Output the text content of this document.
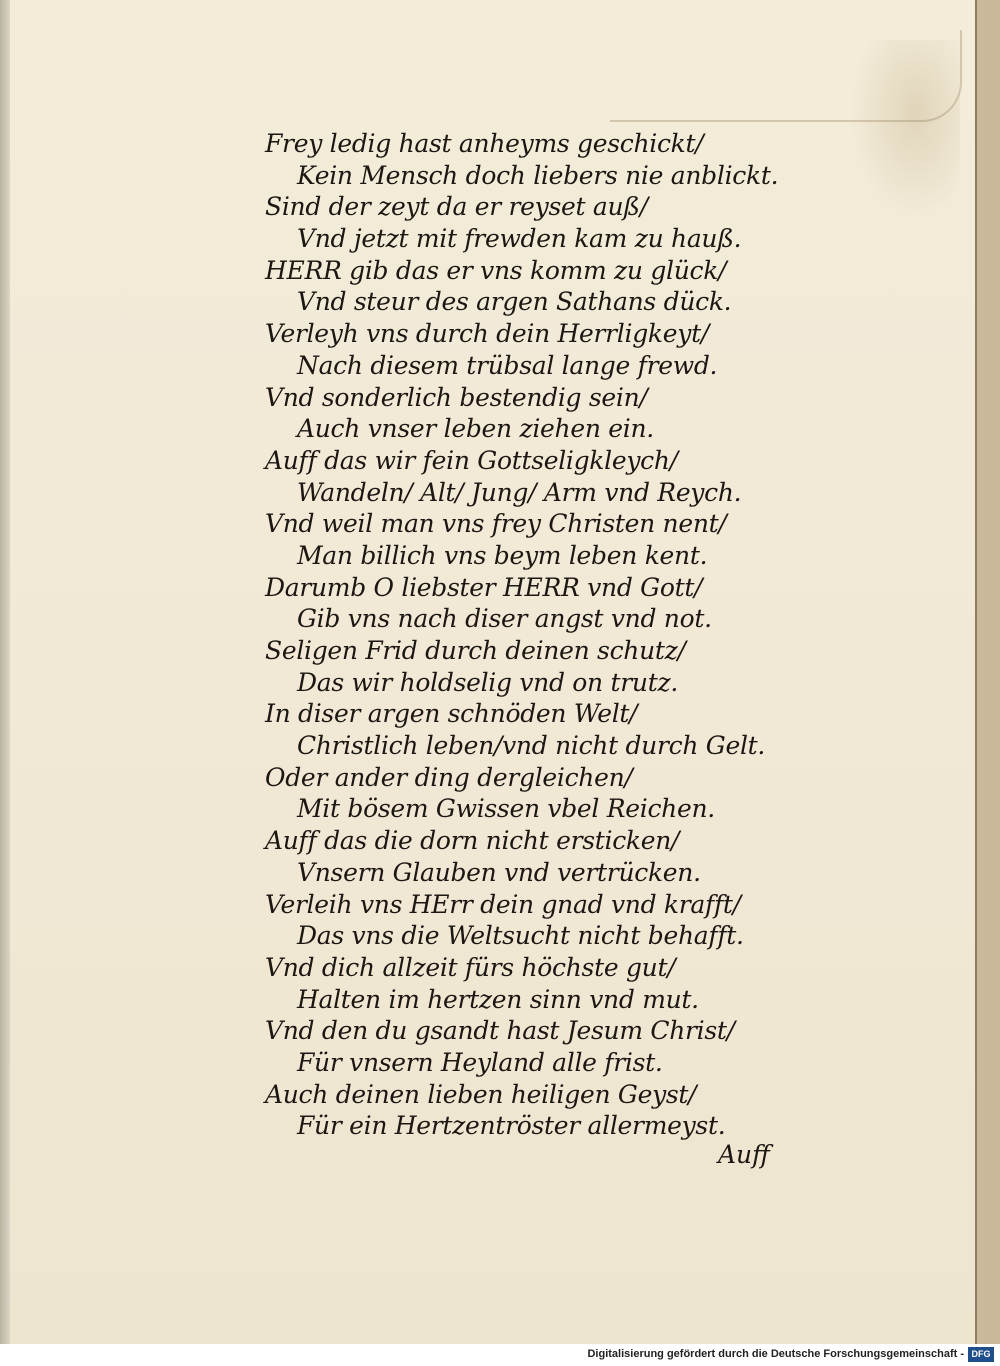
Frey ledig hast anheyms geschickt/
Kein Mensch doch liebers nie anblickt.
Sind der zeyt da er reyset auß/
Vnd jetzt mit frewden kam zu hauß.
HERR gib das er vns komm zu glück/
Vnd steur des argen Sathans dück.
Verleyh vns durch dein Herrligkeyt/
Nach diesem trübsal lange frewd.
Vnd sonderlich bestendig sein/
Auch vnser leben ziehen ein.
Auff das wir fein Gottseligkleych/
Wandeln/ Alt/ Jung/ Arm vnd Reych.
Vnd weil man vns frey Christen nent/
Man billich vns beym leben kent.
Darumb O liebster HERR vnd Gott/
Gib vns nach diser angst vnd not.
Seligen Frid durch deinen schutz/
Das wir holdselig vnd on trutz.
In diser argen schnöden Welt/
Christlich leben/vnd nicht durch Gelt.
Oder ander ding dergleichen/
Mit bösem Gwissen vbel Reichen.
Auff das die dorn nicht ersticken/
Vnsern Glauben vnd vertrücken.
Verleih vns HErr dein gnad vnd krafft/
Das vns die Weltsucht nicht behafft.
Vnd dich allzeit fürs höchste gut/
Halten im hertzen sinn vnd mut.
Vnd den du gsandt hast Jesum Christ/
Für vnsern Heyland alle frist.
Auch deinen lieben heiligen Geyst/
Für ein Hertzentröster allermeyst.
Auff
Digitalisierung gefördert durch die Deutsche Forschungsgemeinschaft - DFG
